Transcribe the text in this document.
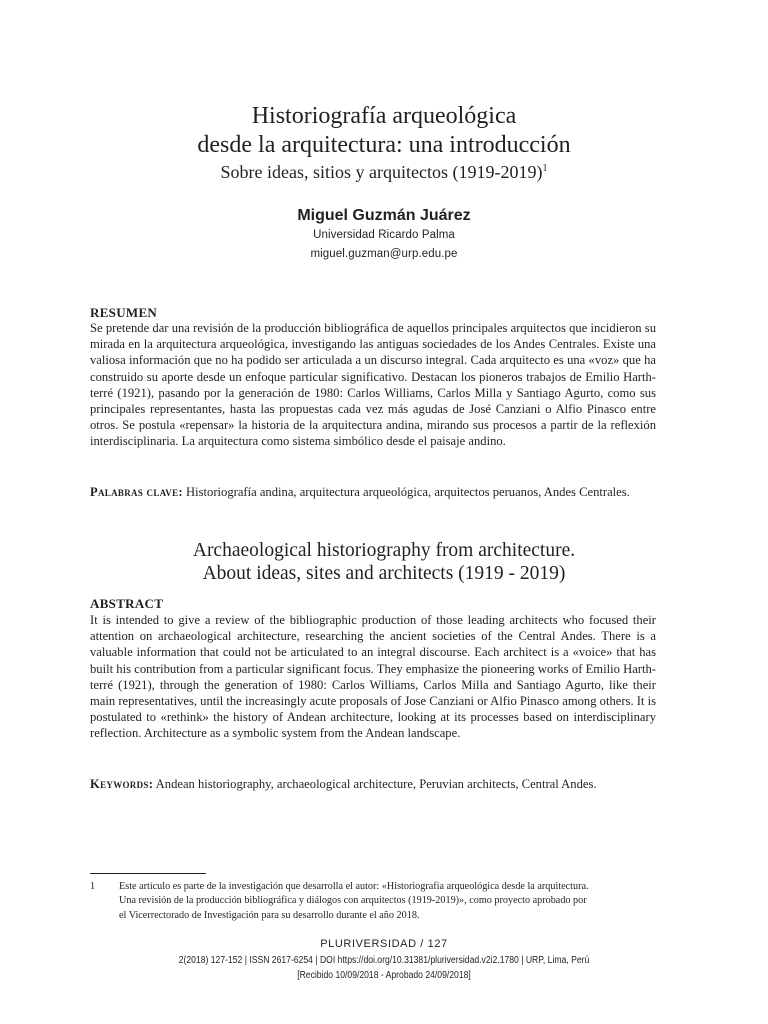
Historiografía arqueológica
desde la arquitectura: una introducción
Sobre ideas, sitios y arquitectos (1919-2019)$^1$
Miguel Guzmán Juárez
Universidad Ricardo Palma
miguel.guzman@urp.edu.pe
RESUMEN

Se pretende dar una revisión de la producción bibliográfica de aquellos principales arquitectos que incidieron su mirada en la arquitectura arqueológica, investigando las antiguas sociedades de los Andes Centrales. Existe una valiosa información que no ha podido ser articulada a un discurso integral. Cada arquitecto es una «voz» que ha construido su aporte desde un enfoque particular significativo. Destacan los pioneros trabajos de Emilio Harth-terré (1921), pasando por la generación de 1980: Carlos Williams, Carlos Milla y Santiago Agurto, como sus principales representantes, hasta las propuestas cada vez más agudas de José Canziani o Alfio Pinasco entre otros. Se postula «repensar» la historia de la arquitectura andina, mirando sus procesos a partir de la reflexión interdisciplinaria. La arquitectura como sistema simbólico desde el paisaje andino.

Palabras clave: Historiografía andina, arquitectura arqueológica, arquitectos peruanos, Andes Centrales.
Archaeological historiography from architecture.
About ideas, sites and architects (1919 - 2019)
ABSTRACT

It is intended to give a review of the bibliographic production of those leading architects who focused their attention on archaeological architecture, researching the ancient societies of the Central Andes. There is a valuable information that could not be articulated to an integral discourse. Each architect is a «voice» that has built his contribution from a particular significant focus. They emphasize the pioneering works of Emilio Harth-terré (1921), through the generation of 1980: Carlos Williams, Carlos Milla and Santiago Agurto, like their main representatives, until the increasingly acute proposals of Jose Canziani or Alfio Pinasco among others. It is postulated to «rethink» the history of Andean architecture, looking at its processes based on interdisciplinary reflection. Architecture as a symbolic system from the Andean landscape.

Keywords: Andean historiography, archaeological architecture, Peruvian architects, Central Andes.
1 Este artículo es parte de la investigación que desarrolla el autor: «Historiografía arqueológica desde la arquitectura.
Una revisión de la producción bibliográfica y diálogos con arquitectos (1919-2019)», como proyecto aprobado por
el Vicerrectorado de Investigación para su desarrollo durante el año 2018.
PLURIVERSIDAD / 127
2(2018) 127-152 | ISSN 2617-6254 | DOI https://doi.org/10.31381/pluriversidad.v2i2.1780 | URP, Lima, Perú
[Recibido 10/09/2018 - Aprobado 24/09/2018]
